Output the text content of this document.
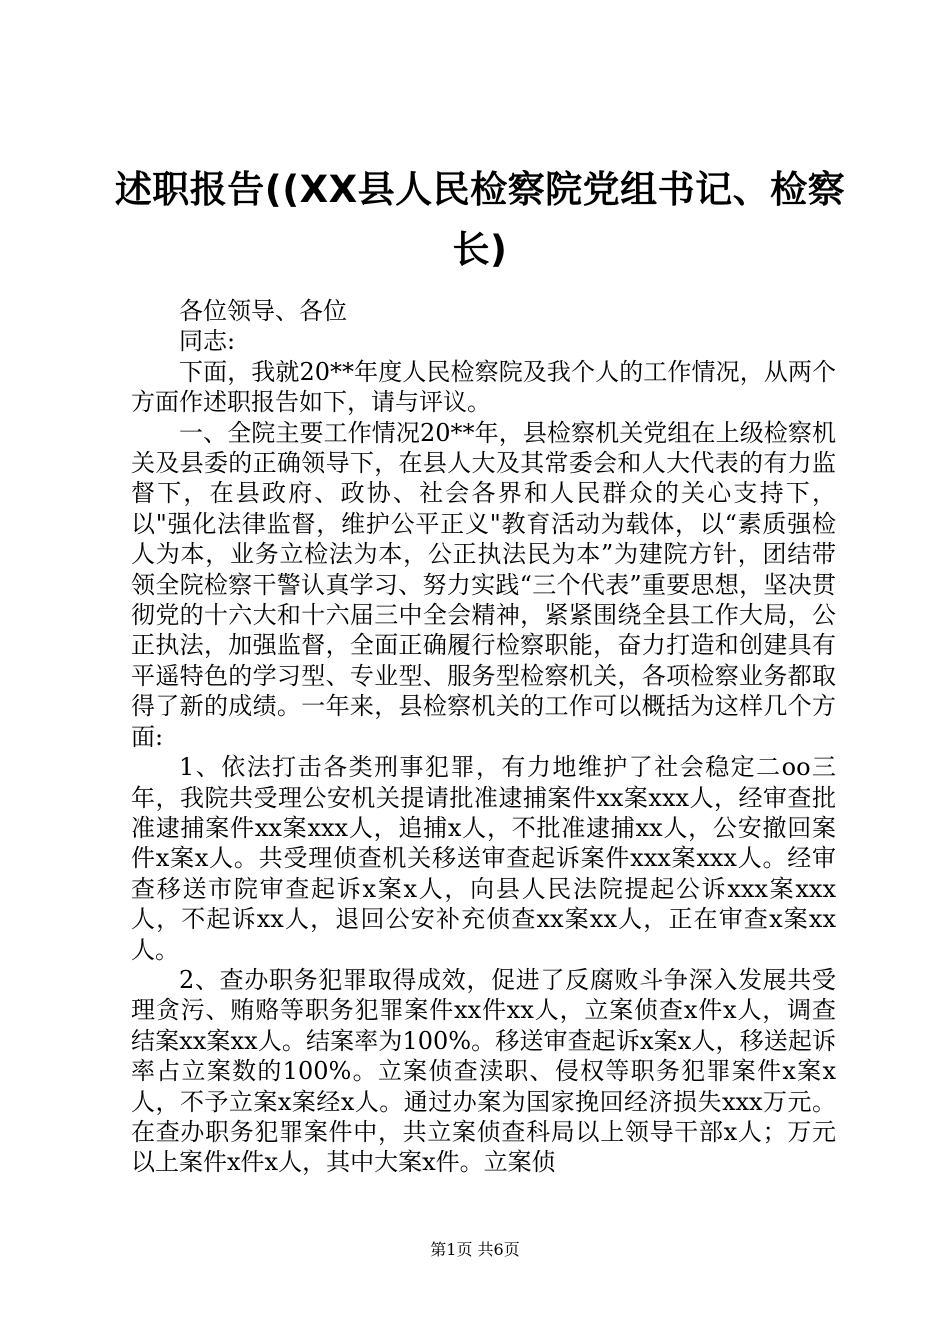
述职报告((XX县人民检察院党组书记、检察长)

各位领导、各位

同志:

下面，我就20**年度人民检察院及我个人的工作情况，从两个方面作述职报告如下，请与评议。

一、全院主要工作情况20**年，县检察机关党组在上级检察机关及县委的正确领导下，在县人大及其常委会和人大代表的有力监督下，在县政府、政协、社会各界和人民群众的关心支持下，以"强化法律监督，维护公平正义"教育活动为载体，以“素质强检人为本，业务立检法为本，公正执法民为本”为建院方针，团结带领全院检察干警认真学习、努力实践“三个代表”重要思想，坚决贯彻党的十六大和十六届三中全会精神，紧紧围绕全县工作大局，公正执法，加强监督，全面正确履行检察职能，奋力打造和创建具有平遥特色的学习型、专业型、服务型检察机关，各项检察业务都取得了新的成绩。一年来，县检察机关的工作可以概括为这样几个方面:

1、依法打击各类刑事犯罪，有力地维护了社会稳定二oo三年，我院共受理公安机关提请批准逮捕案件xx案xxx人，经审查批准逮捕案件xx案xxx人，追捕x人，不批准逮捕xx人，公安撤回案件x案x人。共受理侦查机关移送审查起诉案件xxx案xxx人。经审查移送市院审查起诉x案x人，向县人民法院提起公诉xxx案xxx人，不起诉xx人，退回公安补充侦查xx案xx人，正在审查x案xx人。

2、查办职务犯罪取得成效，促进了反腐败斗争深入发展共受理贪污、贿赂等职务犯罪案件xx件xx人，立案侦查x件x人，调查结案xx案xx人。结案率为100%。移送审查起诉x案x人，移送起诉率占立案数的100%。立案侦查渎职、侵权等职务犯罪案件x案x人，不予立案x案经x人。通过办案为国家挽回经济损失xxx万元。在查办职务犯罪案件中，共立案侦查科局以上领导干部x人；万元以上案件x件x人，其中大案x件。立案侦

第1页 共6页
